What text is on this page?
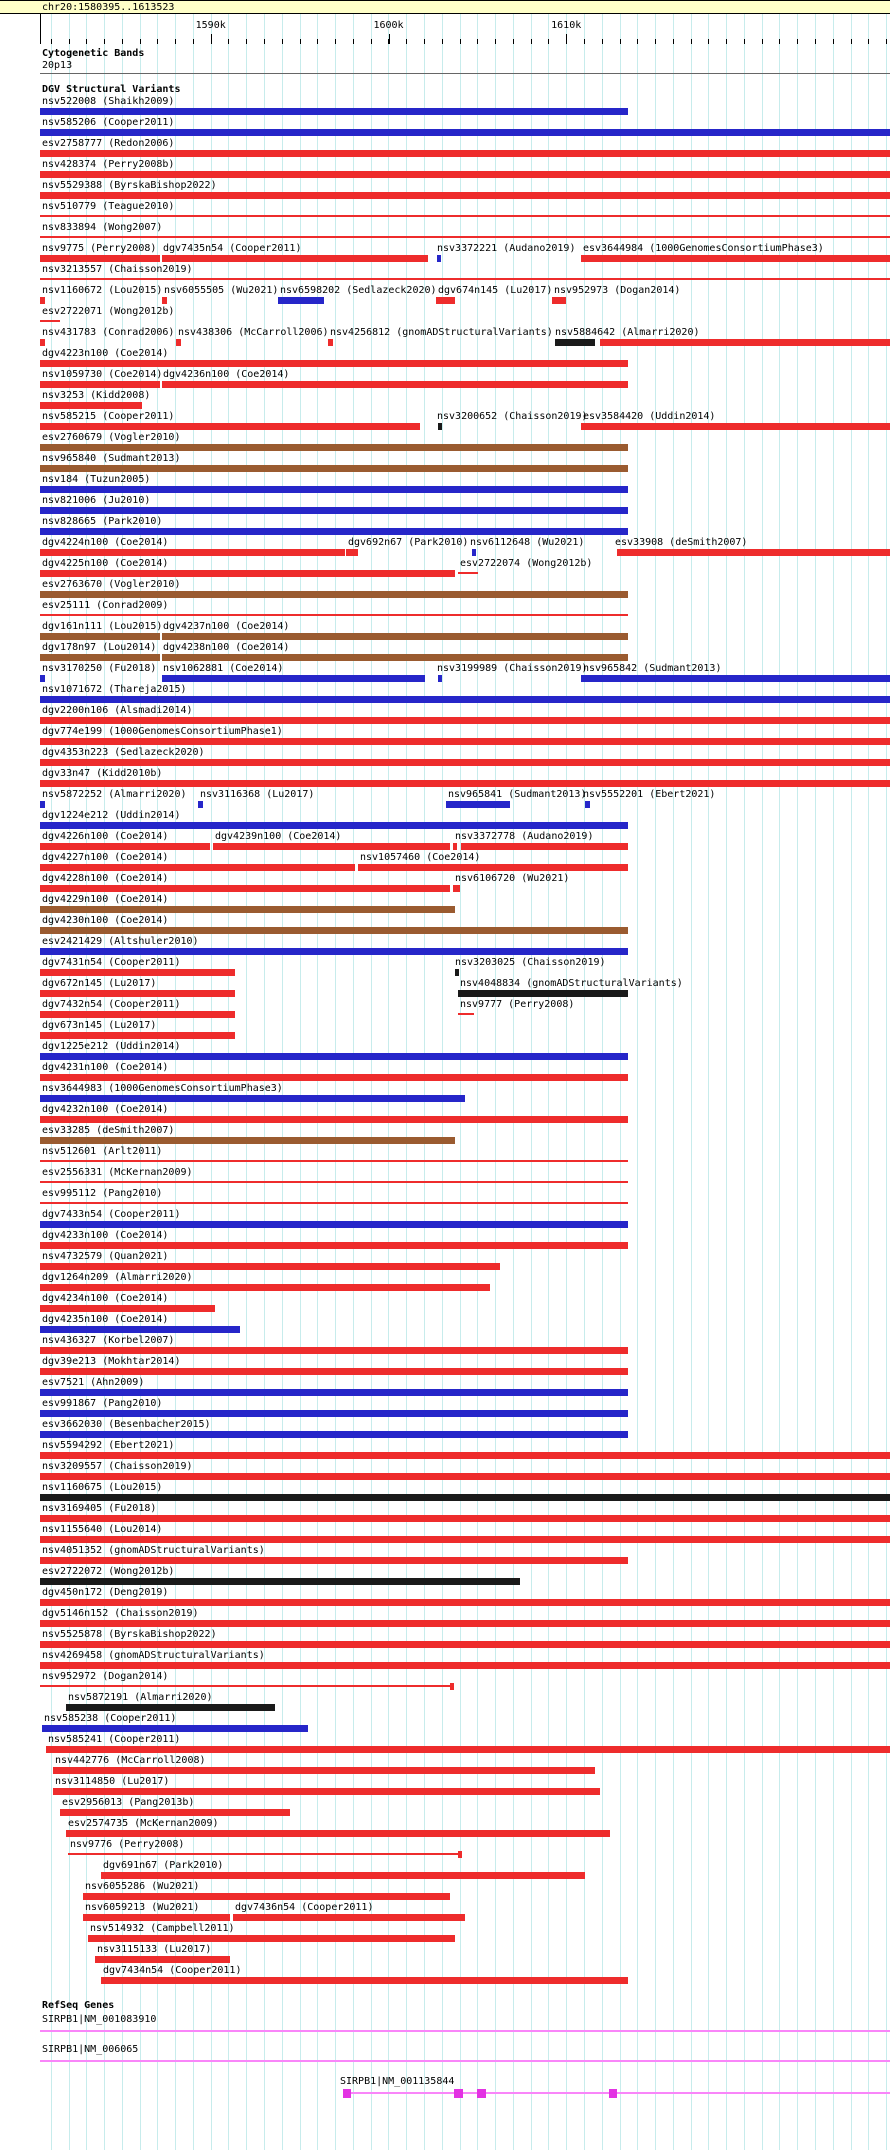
chr20:1580395..1613523
1590k	1600k	1610k
Cytogenetic Bands
20p13
DGV Structural Variants
nsv522008 (Shaikh2009)
nsv585206 (Cooper2011)
esv2758777 (Redon2006)
nsv428374 (Perry2008b)
nsv5529388 (ByrskaBishop2022)
nsv510779 (Teague2010)
nsv833894 (Wong2007)
nsv9775 (Perry2008) dgv7435n54 (Cooper2011)	nsv3372221 (Audano2019) esv3644984 (1000GenomesConsortiumPhase3)
nsv3213557 (Chaisson2019)
nsv1160672 (Lou2015) nsv6055505 (Wu2021) nsv6598202 (Sedlazeck2020) dgv674n145 (Lu2017) nsv952973 (Dogan2014)
esv2722071 (Wong2012b)
nsv431783 (Conrad2006) nsv438306 (McCarroll2006) nsv4256812 (gnomADStructuralVariants) nsv5884642 (Almarri2020)
dgv4223n100 (Coe2014)
nsv1059730 (Coe2014) dgv4236n100 (Coe2014)
nsv3253 (Kidd2008)
nsv585215 (Cooper2011)	nsv3200652 (Chaisson2019)
esv3584420 (Uddin2014)
esv2760679 (Vogler2010)
nsv965840 (Sudmant2013)
nsv184 (Tuzun2005)
nsv821006 (Ju2010)
nsv828665 (Park2010)
dgv4224n100 (Coe2014)	dgv692n67 (Park2010) nsv6112648 (Wu2021)	esv33908 (deSmith2007)
dgv4225n100 (Coe2014)	esv2722074 (Wong2012b)
esv2763670 (Vogler2010)
esv25111 (Conrad2009)
dgv161n111 (Lou2015) dgv4237n100 (Coe2014)
dgv178n97 (Lou2014) dgv4238n100 (Coe2014)
nsv3170250 (Fu2018) nsv1062881 (Coe2014)	nsv3199989 (Chaisson2019)
nsv965842 (Sudmant2013)
nsv1071672 (Thareja2015)
dgv2200n106 (Alsmadi2014)
dgv774e199 (1000GenomesConsortiumPhase1)
dgv4353n223 (Sedlazeck2020)
dgv33n47 (Kidd2010b)
nsv5872252 (Almarri2020) nsv3116368 (Lu2017)	nsv965841 (Sudmant2013)
nsv5552201 (Ebert2021)
dgv1224e212 (Uddin2014)
dgv4226n100 (Coe2014)	dgv4239n100 (Coe2014)	nsv3372778 (Audano2019)
dgv4227n100 (Coe2014)	nsv1057460 (Coe2014)
dgv4228n100 (Coe2014)	nsv6106720 (Wu2021)
dgv4229n100 (Coe2014)
dgv4230n100 (Coe2014)
esv2421429 (Altshuler2010)
dgv7431n54 (Cooper2011)	nsv3203025 (Chaisson2019)
dgv672n145 (Lu2017)	nsv4048834 (gnomADStructuralVariants)
dgv7432n54 (Cooper2011)	nsv9777 (Perry2008)
dgv673n145 (Lu2017)
dgv1225e212 (Uddin2014)
dgv4231n100 (Coe2014)
nsv3644983 (1000GenomesConsortiumPhase3)
dgv4232n100 (Coe2014)
esv33285 (deSmith2007)
nsv512601 (Arlt2011)
esv2556331 (McKernan2009)
esv995112 (Pang2010)
dgv7433n54 (Cooper2011)
dgv4233n100 (Coe2014)
nsv4732579 (Quan2021)
dgv1264n209 (Almarri2020)
dgv4234n100 (Coe2014)
dgv4235n100 (Coe2014)
nsv436327 (Korbel2007)
dgv39e213 (Mokhtar2014)
esv7521 (Ahn2009)
esv991867 (Pang2010)
esv3662030 (Besenbacher2015)
nsv5594292 (Ebert2021)
nsv3209557 (Chaisson2019)
nsv1160675 (Lou2015)
nsv3169405 (Fu2018)
nsv1155640 (Lou2014)
nsv4051352 (gnomADStructuralVariants)
esv2722072 (Wong2012b)
dgv450n172 (Deng2019)
dgv5146n152 (Chaisson2019)
nsv5525878 (ByrskaBishop2022)
nsv4269458 (gnomADStructuralVariants)
nsv952972 (Dogan2014)
nsv5872191 (Almarri2020)
nsv585238 (Cooper2011)
nsv585241 (Cooper2011)
nsv442776 (McCarroll2008)
nsv3114850 (Lu2017)
esv2956013 (Pang2013b)
esv2574735 (McKernan2009)
nsv9776 (Perry2008)
dgv691n67 (Park2010)
nsv6055286 (Wu2021)
nsv6059213 (Wu2021)	dgv7436n54 (Cooper2011)
nsv514932 (Campbell2011)
nsv3115133 (Lu2017)
dgv7434n54 (Cooper2011)
RefSeq Genes
SIRPB1|NM_001083910
SIRPB1|NM_006065
SIRPB1|NM_001135844
